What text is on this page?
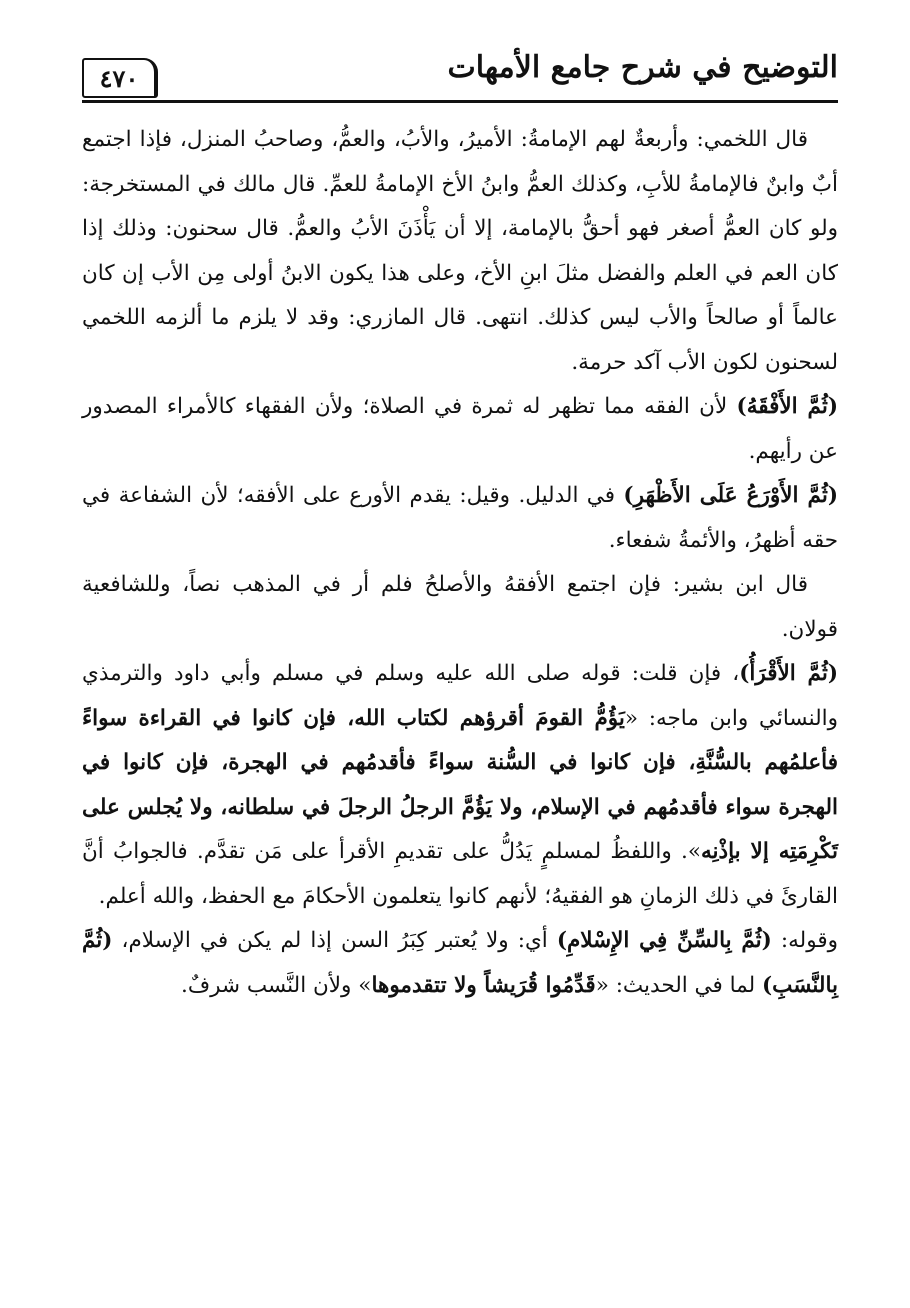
٤٧٠	التوضيح في شرح جامع الأمهات

قال اللخمي: وأربعةٌ لهم الإمامةُ: الأميرُ، والأبُ، والعمُّ، وصاحبُ المنزل، فإذا اجتمع أبٌ وابنٌ فالإمامةُ للأبِ، وكذلك العمُّ وابنُ الأخ الإمامةُ للعمِّ. قال مالك في المستخرجة: ولو كان العمُّ أصغر فهو أحقُّ بالإمامة، إلا أن يَأْذَنَ الأبُ والعمُّ. قال سحنون: وذلك إذا كان العم في العلم والفضل مثلَ ابنِ الأخ، وعلى هذا يكون الابنُ أولى مِن الأب إن كان عالماً أو صالحاً والأب ليس كذلك. انتهى. قال المازري: وقد لا يلزم ما ألزمه اللخمي لسحنون لكون الأب آكد حرمة.

(ثُمَّ الأَفْقَهُ) لأن الفقه مما تظهر له ثمرة في الصلاة؛ ولأن الفقهاء كالأمراء المصدور عن رأيهم.

(ثُمَّ الأَوْرَعُ عَلَى الأَظْهَرِ) في الدليل. وقيل: يقدم الأورع على الأفقه؛ لأن الشفاعة في حقه أظهرُ، والأئمةُ شفعاء.

قال ابن بشير: فإن اجتمع الأفقهُ والأصلحُ فلم أر في المذهب نصاً، وللشافعية قولان.

(ثُمَّ الأَقْرَأُ)، فإن قلت: قوله صلى الله عليه وسلم في مسلم وأبي داود والترمذي والنسائي وابن ماجه: «يَؤُمُّ القومَ أقرؤهم لكتاب الله، فإن كانوا في القراءة سواءً فأعلمُهم بالسُّنَّةِ، فإن كانوا في السُّنة سواءً فأقدمُهم في الهجرة، فإن كانوا في الهجرة سواء فأقدمُهم في الإسلام، ولا يَؤُمَّ الرجلُ الرجلَ في سلطانه، ولا يُجلس على تَكْرِمَتِه إلا بإذْنِه». واللفظُ لمسلمٍ يَدُلُّ على تقديمِ الأقرأ على مَن تقدَّم. فالجوابُ أنَّ القارئَ في ذلك الزمانِ هو الفقيهُ؛ لأنهم كانوا يتعلمون الأحكامَ مع الحفظ، والله أعلم.

وقوله: (ثُمَّ بِالسِّنِّ فِي الإِسْلامِ) أي: ولا يُعتبر كِبَرُ السن إذا لم يكن في الإسلام، (ثُمَّ بِالنَّسَبِ) لما في الحديث: «قَدِّمُوا قُرَيشاً ولا تتقدموها» ولأن النَّسب شرفٌ.
